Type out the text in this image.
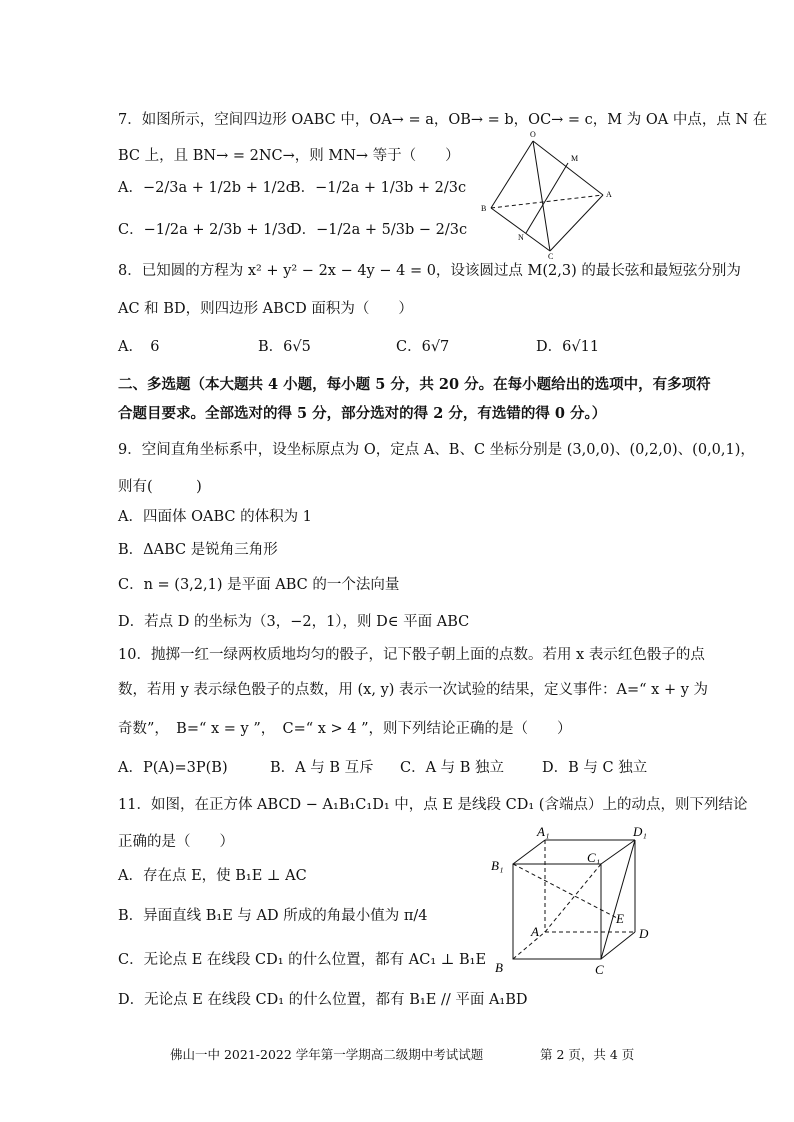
7．如图所示，空间四边形 OABC 中，OA→ = a，OB→ = b，OC→ = c，M 为 OA 中点，点 N 在
BC 上，且 BN→ = 2NC→，则 MN→ 等于（　　）
A．−2/3a + 1/2b + 1/2c
B．−1/2a + 1/3b + 2/3c
C．−1/2a + 2/3b + 1/3c
D．−1/2a + 5/3b − 2/3c
O
M
A
B
N
C
8．已知圆的方程为 x² + y² − 2x − 4y − 4 = 0，设该圆过点 M(2,3) 的最长弦和最短弦分别为
AC 和 BD，则四边形 ABCD 面积为（　　）
A．　6	B．6√5	C．6√7	D．6√11
二、多选题（本大题共 4 小题，每小题 5 分，共 20 分。在每小题给出的选项中，有多项符
合题目要求。全部选对的得 5 分，部分选对的得 2 分，有选错的得 0 分。）
9．空间直角坐标系中，设坐标原点为 O，定点 A、B、C 坐标分别是 (3,0,0)、(0,2,0)、(0,0,1)，
则有(　　　)
A．四面体 OABC 的体积为 1
B．ΔABC 是锐角三角形
C．n = (3,2,1) 是平面 ABC 的一个法向量
D．若点 D 的坐标为（3，−2，1），则 D∈ 平面 ABC
10．抛掷一红一绿两枚质地均匀的骰子，记下骰子朝上面的点数。若用 x 表示红色骰子的点
数，若用 y 表示绿色骰子的点数，用 (x, y) 表示一次试验的结果，定义事件：A=“ x + y 为
奇数”，　B=“ x = y ”，　C=“ x > 4 ”，则下列结论正确的是（　　）
A．P(A)=3P(B)	B．A 与 B 互斥 C．A 与 B 独立	D．B 与 C 独立
11．如图，在正方体 ABCD − A₁B₁C₁D₁ 中，点 E 是线段 CD₁ (含端点）上的动点，则下列结论
正确的是（　　）
A．存在点 E，使 B₁E ⊥ AC
B．异面直线 B₁E 与 AD 所成的角最小值为 π/4
C．无论点 E 在线段 CD₁ 的什么位置，都有 AC₁ ⊥ B₁E
D．无论点 E 在线段 CD₁ 的什么位置，都有 B₁E // 平面 A₁BD
A₁	D₁
B₁
C₁
E
A	D
B	C
佛山一中 2021-2022 学年第一学期高二级期中考试试题	第 2 页，共 4 页
